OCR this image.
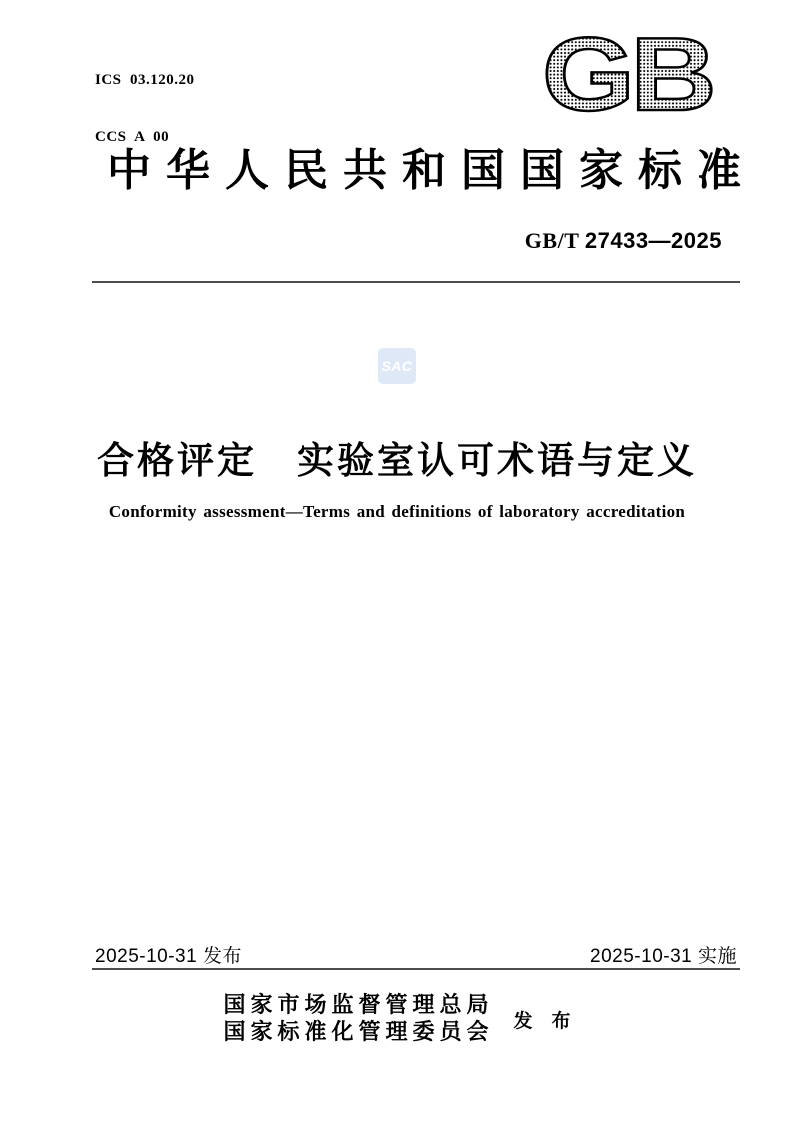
ICS  03.120.20

CCS  A  00

GB
中华人民共和国国家标准
GB/T 27433—2025
SAC
合格评定　实验室认可术语与定义
Conformity assessment—Terms and definitions of laboratory accreditation
2025-10-31 发布	2025-10-31 实施
国家市场监督管理总局
国家标准化管理委员会 发　布
